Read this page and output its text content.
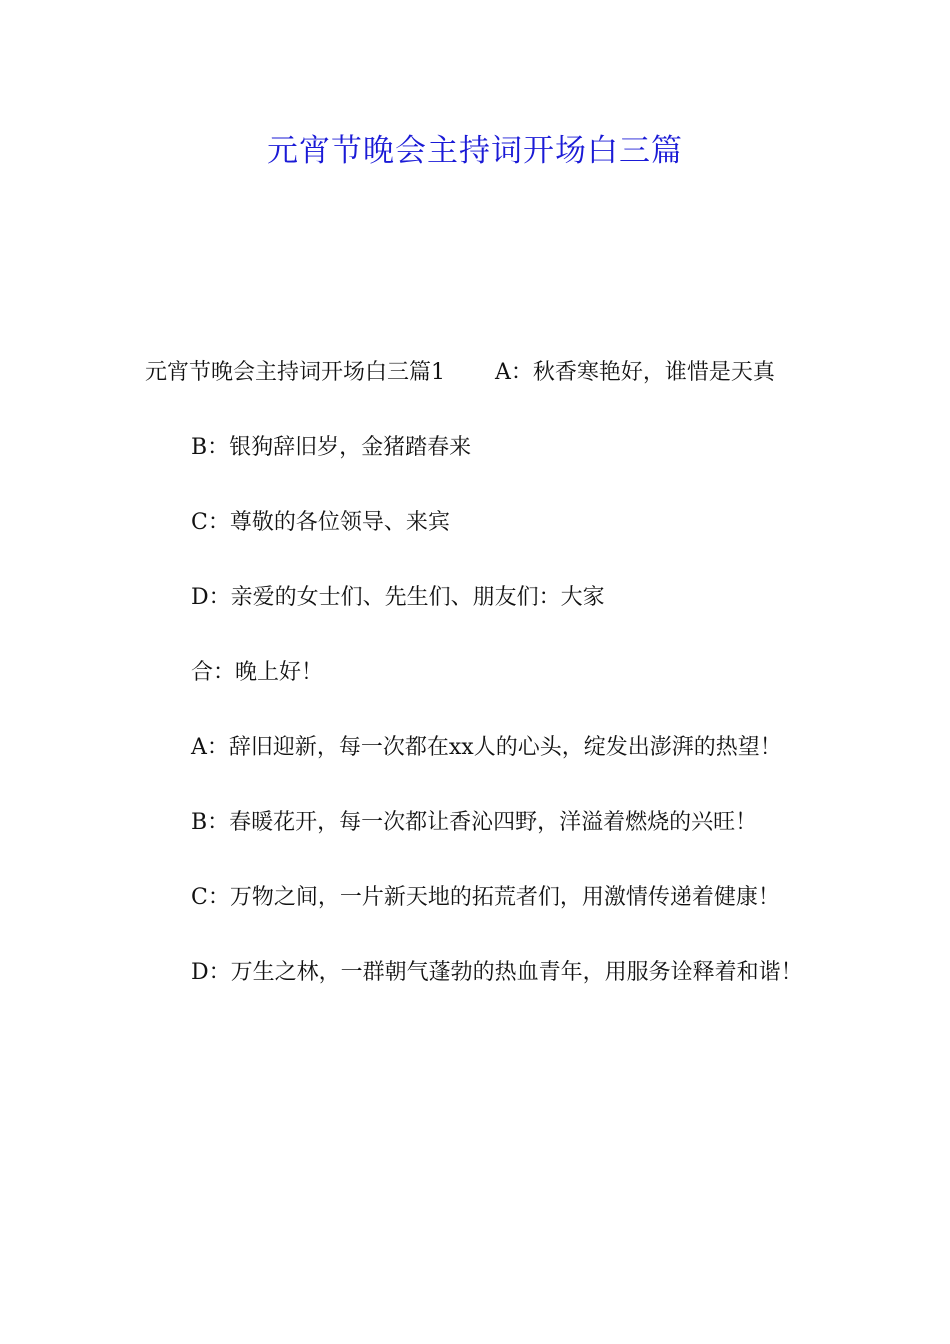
元宵节晚会主持词开场白三篇

元宵节晚会主持词开场白三篇1 A：秋香寒艳好，谁惜是天真

B：银狗辞旧岁，金猪踏春来

C：尊敬的各位领导、来宾

D：亲爱的女士们、先生们、朋友们：大家

合：晚上好！

A：辞旧迎新，每一次都在xx人的心头，绽发出澎湃的热望！

B：春暖花开，每一次都让香沁四野，洋溢着燃烧的兴旺！

C：万物之间，一片新天地的拓荒者们，用激情传递着健康！

D：万生之林，一群朝气蓬勃的热血青年，用服务诠释着和谐！
